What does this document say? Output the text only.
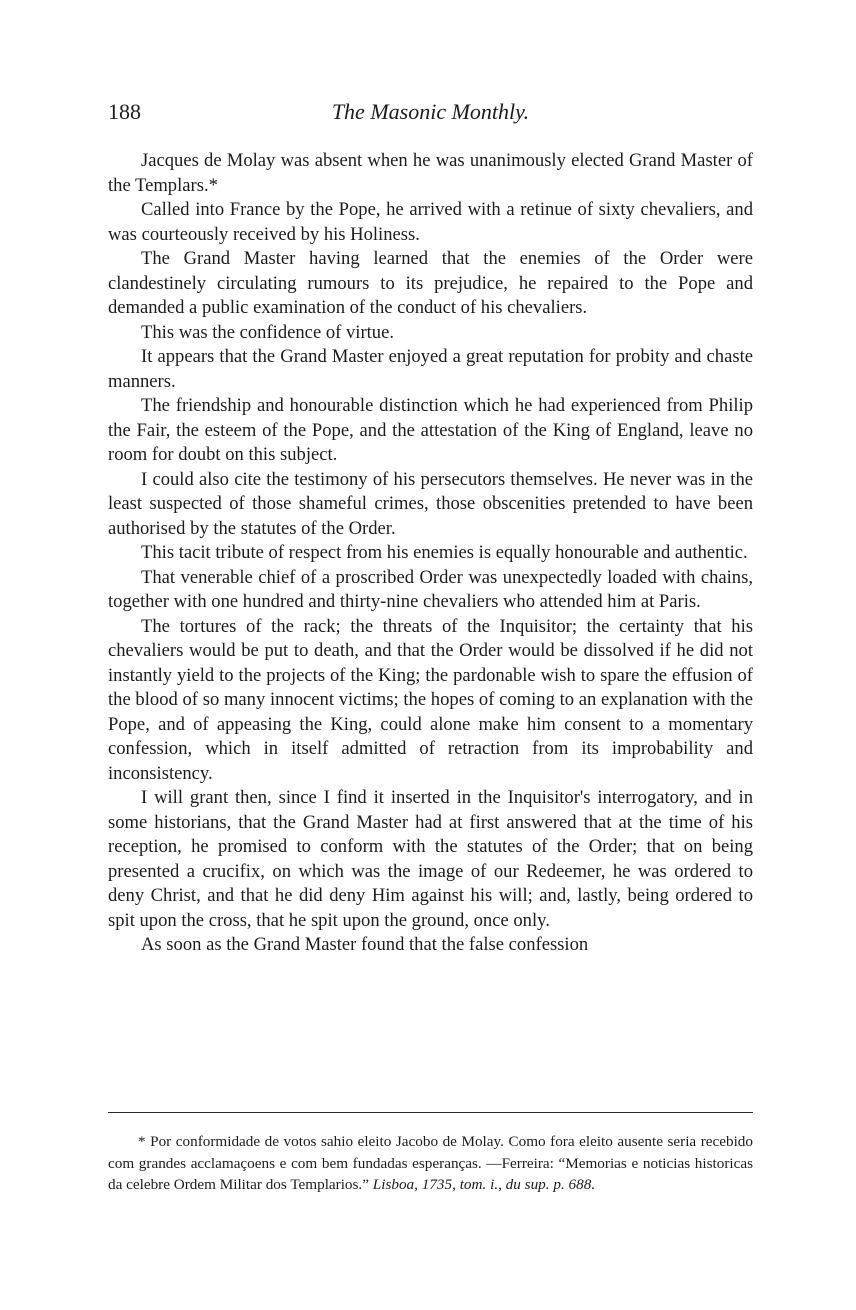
188	The Masonic Monthly.

Jacques de Molay was absent when he was unanimously elected Grand Master of the Templars.*

Called into France by the Pope, he arrived with a retinue of sixty chevaliers, and was courteously received by his Holiness.

The Grand Master having learned that the enemies of the Order were clandestinely circulating rumours to its prejudice, he repaired to the Pope and demanded a public examination of the conduct of his chevaliers.

This was the confidence of virtue.

It appears that the Grand Master enjoyed a great reputation for probity and chaste manners.

The friendship and honourable distinction which he had experienced from Philip the Fair, the esteem of the Pope, and the attestation of the King of England, leave no room for doubt on this subject.

I could also cite the testimony of his persecutors themselves. He never was in the least suspected of those shameful crimes, those obscenities pretended to have been authorised by the statutes of the Order.

This tacit tribute of respect from his enemies is equally honourable and authentic.

That venerable chief of a proscribed Order was unexpectedly loaded with chains, together with one hundred and thirty-nine chevaliers who attended him at Paris.

The tortures of the rack; the threats of the Inquisitor; the certainty that his chevaliers would be put to death, and that the Order would be dissolved if he did not instantly yield to the projects of the King; the pardonable wish to spare the effusion of the blood of so many innocent victims; the hopes of coming to an explanation with the Pope, and of appeasing the King, could alone make him consent to a momentary confession, which in itself admitted of retraction from its improbability and inconsistency.

I will grant then, since I find it inserted in the Inquisitor's interrogatory, and in some historians, that the Grand Master had at first answered that at the time of his reception, he promised to conform with the statutes of the Order; that on being presented a crucifix, on which was the image of our Redeemer, he was ordered to deny Christ, and that he did deny Him against his will; and, lastly, being ordered to spit upon the cross, that he spit upon the ground, once only.

As soon as the Grand Master found that the false confession

* Por conformidade de votos sahio eleito Jacobo de Molay. Como fora eleito ausente seria recebido com grandes acclamaçoens e com bem fundadas esperanças. —Ferreira: “Memorias e noticias historicas da celebre Ordem Militar dos Templarios.” Lisboa, 1735, tom. i., du sup. p. 688.
